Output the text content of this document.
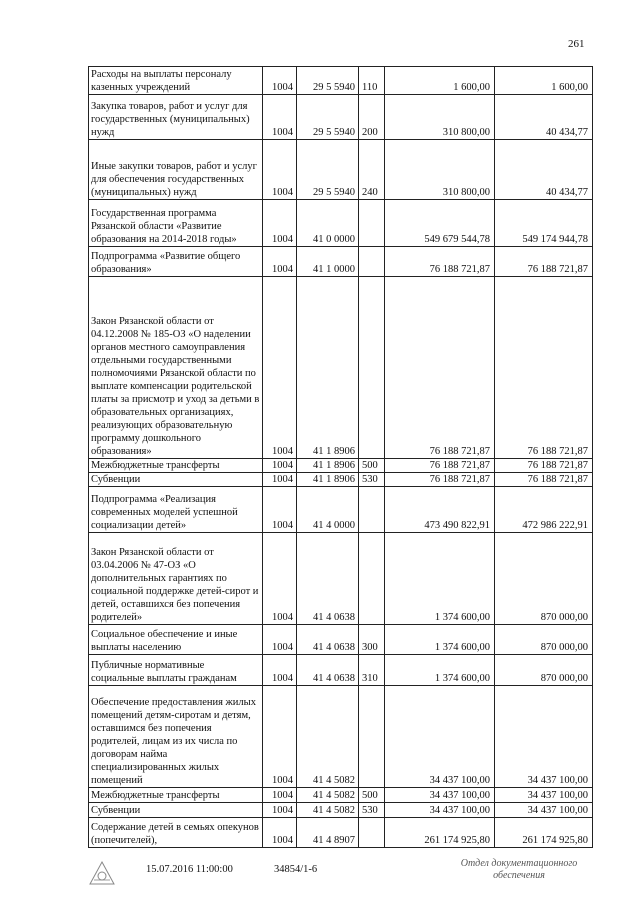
261
Расходы на выплаты персоналу казенных учреждений	1004	29 5 5940	110	1 600,00	1 600,00
Закупка товаров, работ и услуг для государственных (муниципальных) нужд	1004	29 5 5940	200	310 800,00	40 434,77
Иные закупки товаров, работ и услуг для обеспечения государственных (муниципальных) нужд	1004	29 5 5940	240	310 800,00	40 434,77
Государственная программа Рязанской области «Развитие образования на 2014-2018 годы»	1004	41 0 0000		549 679 544,78	549 174 944,78
Подпрограмма «Развитие общего образования»	1004	41 1 0000		76 188 721,87	76 188 721,87
Закон Рязанской области от 04.12.2008 № 185-ОЗ «О наделении органов местного самоуправления отдельными государственными полномочиями Рязанской области по выплате компенсации родительской платы за присмотр и уход за детьми в образовательных организациях, реализующих образовательную программу дошкольного образования»	1004	41 1 8906		76 188 721,87	76 188 721,87
Межбюджетные трансферты	1004	41 1 8906	500	76 188 721,87	76 188 721,87
Субвенции	1004	41 1 8906	530	76 188 721,87	76 188 721,87
Подпрограмма «Реализация современных моделей успешной социализации детей»	1004	41 4 0000		473 490 822,91	472 986 222,91
Закон Рязанской области от 03.04.2006 № 47-ОЗ «О дополнительных гарантиях по социальной поддержке детей-сирот и детей, оставшихся без попечения родителей»	1004	41 4 0638		1 374 600,00	870 000,00
Социальное обеспечение и иные выплаты населению	1004	41 4 0638	300	1 374 600,00	870 000,00
Публичные нормативные социальные выплаты гражданам	1004	41 4 0638	310	1 374 600,00	870 000,00
Обеспечение предоставления жилых помещений детям-сиротам и детям, оставшимся без попечения родителей, лицам из их числа по договорам найма специализированных жилых помещений	1004	41 4 5082		34 437 100,00	34 437 100,00
Межбюджетные трансферты	1004	41 4 5082	500	34 437 100,00	34 437 100,00
Субвенции	1004	41 4 5082	530	34 437 100,00	34 437 100,00
Содержание детей в семьях опекунов (попечителей),	1004	41 4 8907		261 174 925,80	261 174 925,80
15.07.2016 11:00:00	34854/1-6
Отдел документационного
обеспечения
